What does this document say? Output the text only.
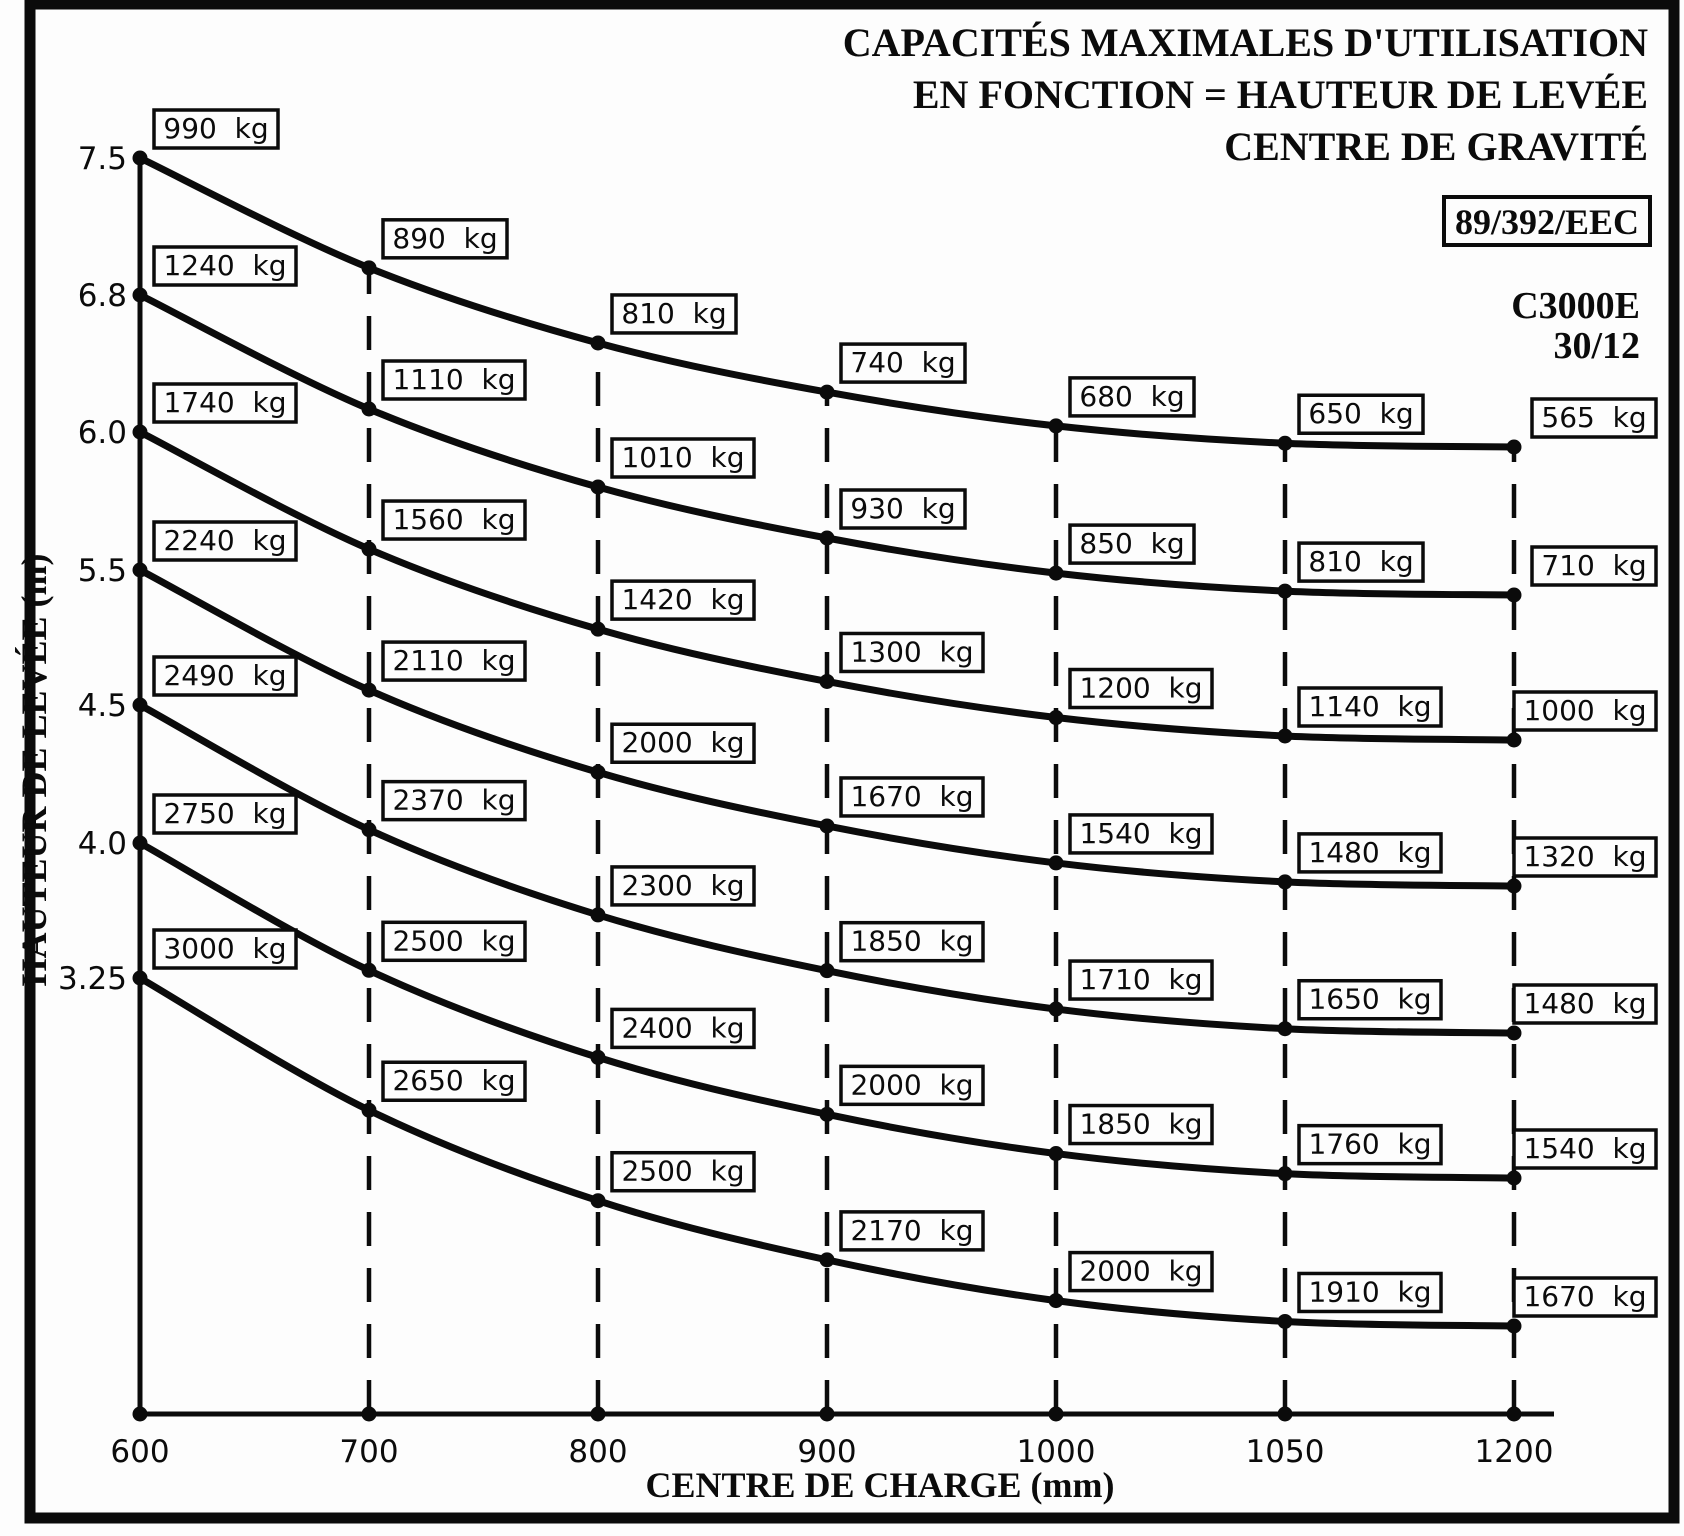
600	700	800	900	1000	1050	1200
7.5
6.8
6.0
5.5
4.5
4.0
3.25
990  kg
890  kg
810  kg
740  kg
680  kg
650  kg	565  kg
1240  kg
1110  kg
1010  kg
930  kg
850  kg
810  kg	710  kg
1740  kg
1560  kg
1420  kg
1300  kg
1200  kg
1140  kg	1000  kg
2240  kg
2110  kg
2000  kg
1670  kg
1540  kg
1480  kg	1320  kg
2490  kg
2370  kg
2300  kg
1850  kg
1710  kg
1650  kg	1480  kg
2750  kg
2500  kg
2400  kg
2000  kg
1850  kg
1760  kg	1540  kg
3000  kg
2650  kg
2500  kg
2170  kg
2000  kg
1910  kg	1670  kg
CAPACITÉS MAXIMALES D'UTILISATION
EN FONCTION = HAUTEUR DE LEVÉE
CENTRE DE GRAVITÉ
89/392/EEC
C3000E
30/12
CENTRE DE CHARGE (mm)
HAUTEUR DE LEVÉE (m)
